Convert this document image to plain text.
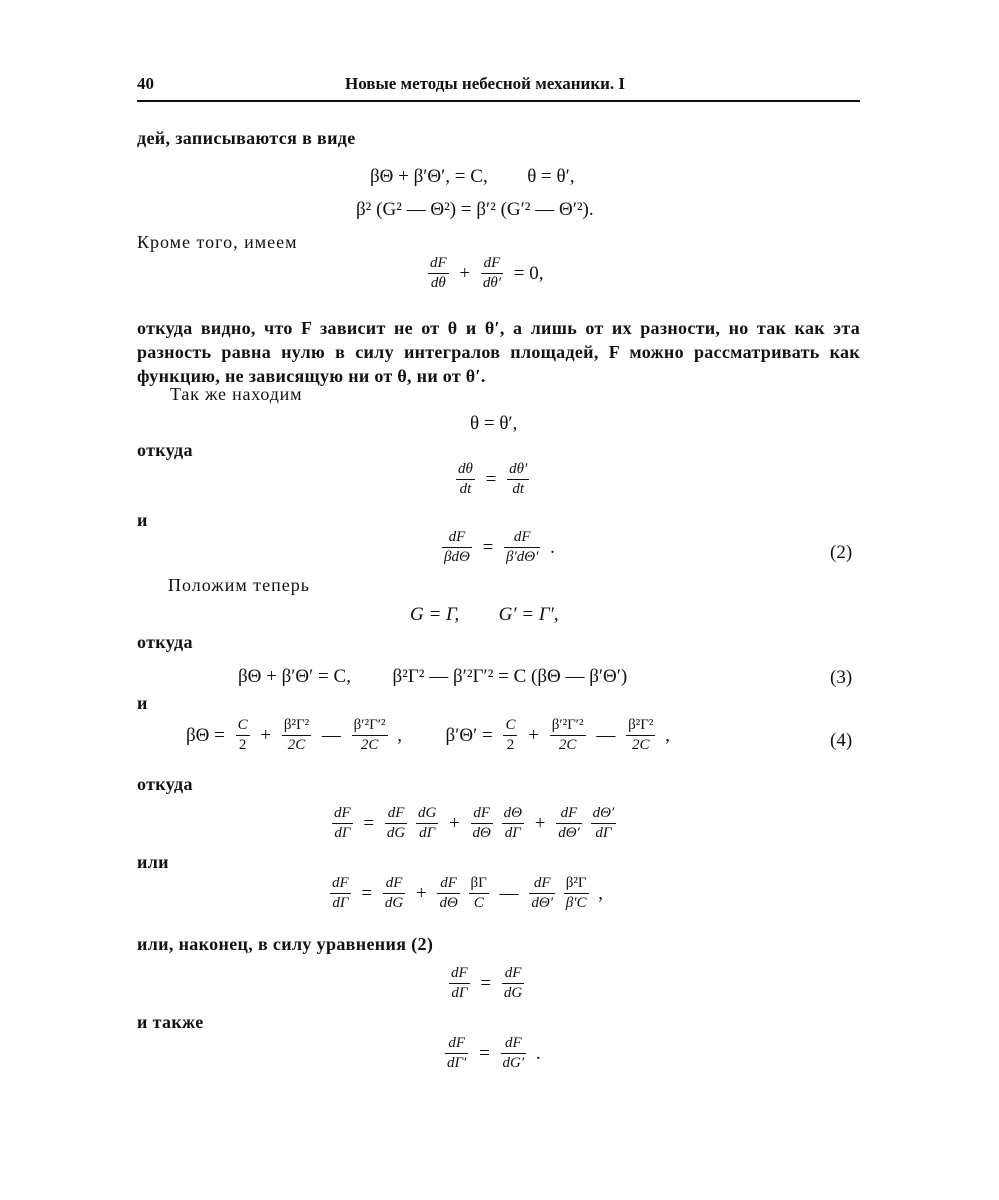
40	Новые методы небесной механики. I
дей, записываются в виде
βΘ + β′Θ′, = C, θ = θ′,
β² (G² — Θ²) = β′² (G′² — Θ′²).
Кроме того, имеем
$\frac{dF}{d\theta} + \frac{dF}{d\theta'} = 0$,
откуда видно, что F зависит не от θ и θ′, а лишь от их разности, но так как эта разность равна нулю в силу интегралов площадей, F можно рассматривать как функцию, не зависящую ни от θ, ни от θ′.
Так же находим
θ = θ′,
откуда
$\frac{d\theta}{dt} = \frac{d\theta'}{dt}$
и
$\frac{dF}{\text{βdΘ}} = \frac{dF}{\beta'd\Theta'}$ .	(2)
Положим теперь
G = Γ, G′ = Γ′,
откуда
βΘ + β′Θ′ = C, β²Γ² — β′²Γ′² = C (βΘ — β′Θ′)	(3)
и
$\beta\Theta = \frac{C}{2} + \frac{\text{β²Γ²}}{2C}$ — $\frac{\text{β′²Γ′²}}{2C}$ , $\beta'\Theta' = \frac{C}{2} + \frac{\text{β′²Γ′²}}{2C}$ — $\frac{\text{β²Γ²}}{2C}$ ,	(4)
откуда
$\frac{dF}{d\Gamma} = \frac{dF}{dG}$
$\frac{dG}{d\Gamma} + \frac{dF}{d\Theta}$
$\frac{d\Theta}{d\Gamma} + \frac{dF}{d\Theta'}$
$\frac{d\Theta'}{d\Gamma}$
или
$\frac{dF}{d\Gamma} = \frac{dF}{dG} + \frac{dF}{d\Theta}$
$\frac{\beta\Gamma}{C}$ — $\frac{dF}{d\Theta'}$
$\frac{\text{β²Γ}}{\beta'C}$ ,
или, наконец, в силу уравнения (2)
$\frac{dF}{d\Gamma} = \frac{dF}{dG}$
и также
$\frac{dF}{d\Gamma'} = \frac{dF}{dG'}$ .
